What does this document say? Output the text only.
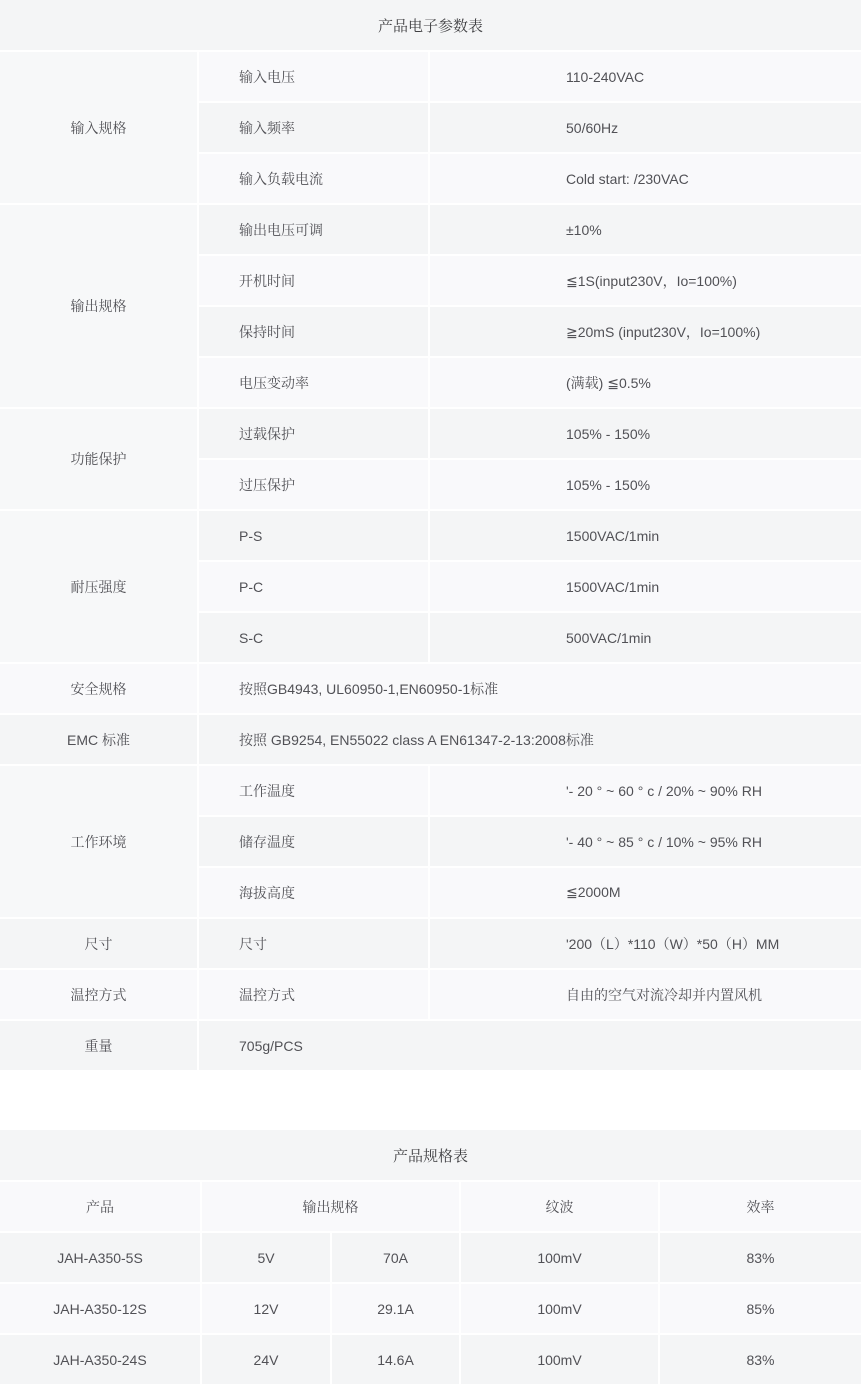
产品电子参数表
输入规格
输入电压	110-240VAC
输入频率	50/60Hz
输入负载电流	Cold start: /230VAC
输出规格
输出电压可调	±10%
开机时间	≦1S(input230V，Io=100%)
保持时间	≧20mS (input230V，Io=100%)
电压变动率	(满载) ≦0.5%
功能保护
过载保护	105% - 150%
过压保护	105% - 150%
耐压强度
P-S	1500VAC/1min
P-C	1500VAC/1min
S-C	500VAC/1min
安全规格	按照GB4943, UL60950-1,EN60950-1标准
EMC 标准	按照 GB9254, EN55022 class A EN61347-2-13:2008标准
工作环境
工作温度	'- 20 ° ~ 60 ° c / 20% ~ 90% RH
储存温度	'- 40 ° ~ 85 ° c / 10% ~ 95% RH
海拔高度	≦2000M
尺寸	尺寸	'200（L）*110（W）*50（H）MM
温控方式	温控方式	自由的空气对流冷却并内置风机
重量	705g/PCS
产品规格表
产品	输出规格	纹波	效率
JAH-A350-5S	5V	70A	100mV	83%
JAH-A350-12S	12V	29.1A	100mV	85%
JAH-A350-24S	24V	14.6A	100mV	83%
